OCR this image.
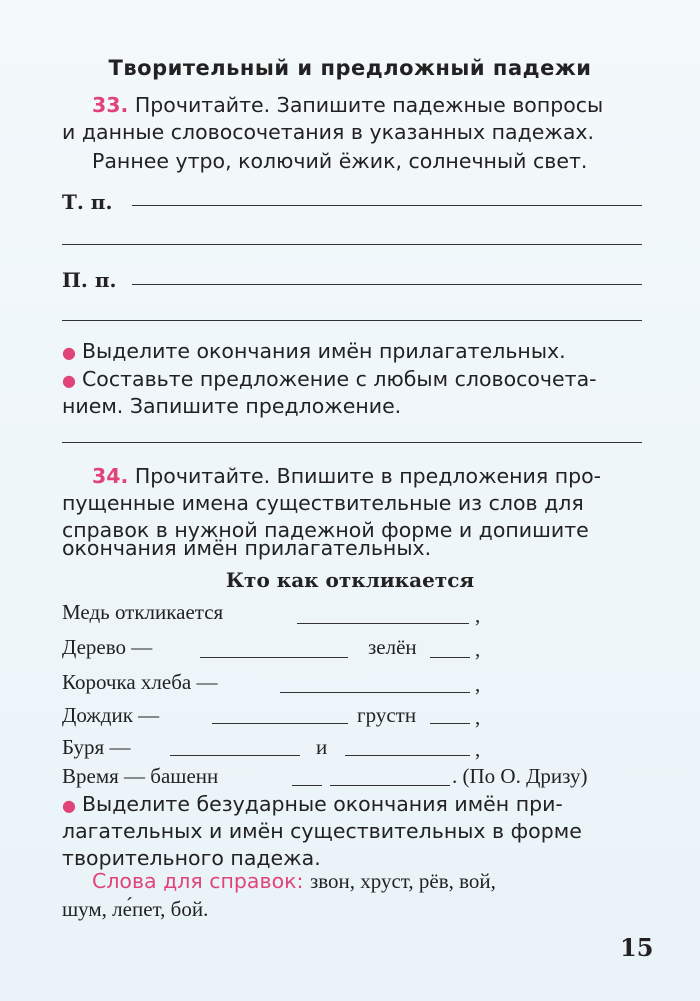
Творительный и предложный падежи
33. Прочитайте. Запишите падежные вопросы
и данные словосочетания в указанных падежах.
Раннее утро, колючий ёжик, солнечный свет.
Т. п.
П. п.
● Выделите окончания имён прилагательных.
● Составьте предложение с любым словосочета-
нием. Запишите предложение.
34. Прочитайте. Впишите в предложения про-
пущенные имена существительные из слов для
справок в нужной падежной форме и допишите
окончания имён прилагательных.
Кто как откликается
Медь откликается	,
Дерево —	зелён	,
Корочка хлеба —	,
Дождик —	грустн	,
Буря —	и	,
Время — башенн	. (По О. Дризу)
● Выделите безударные окончания имён при-
лагательных и имён существительных в форме
творительного падежа.
Слова для справок: звон, хруст, рёв, вой,
шум, ле́пет, бой.
15
